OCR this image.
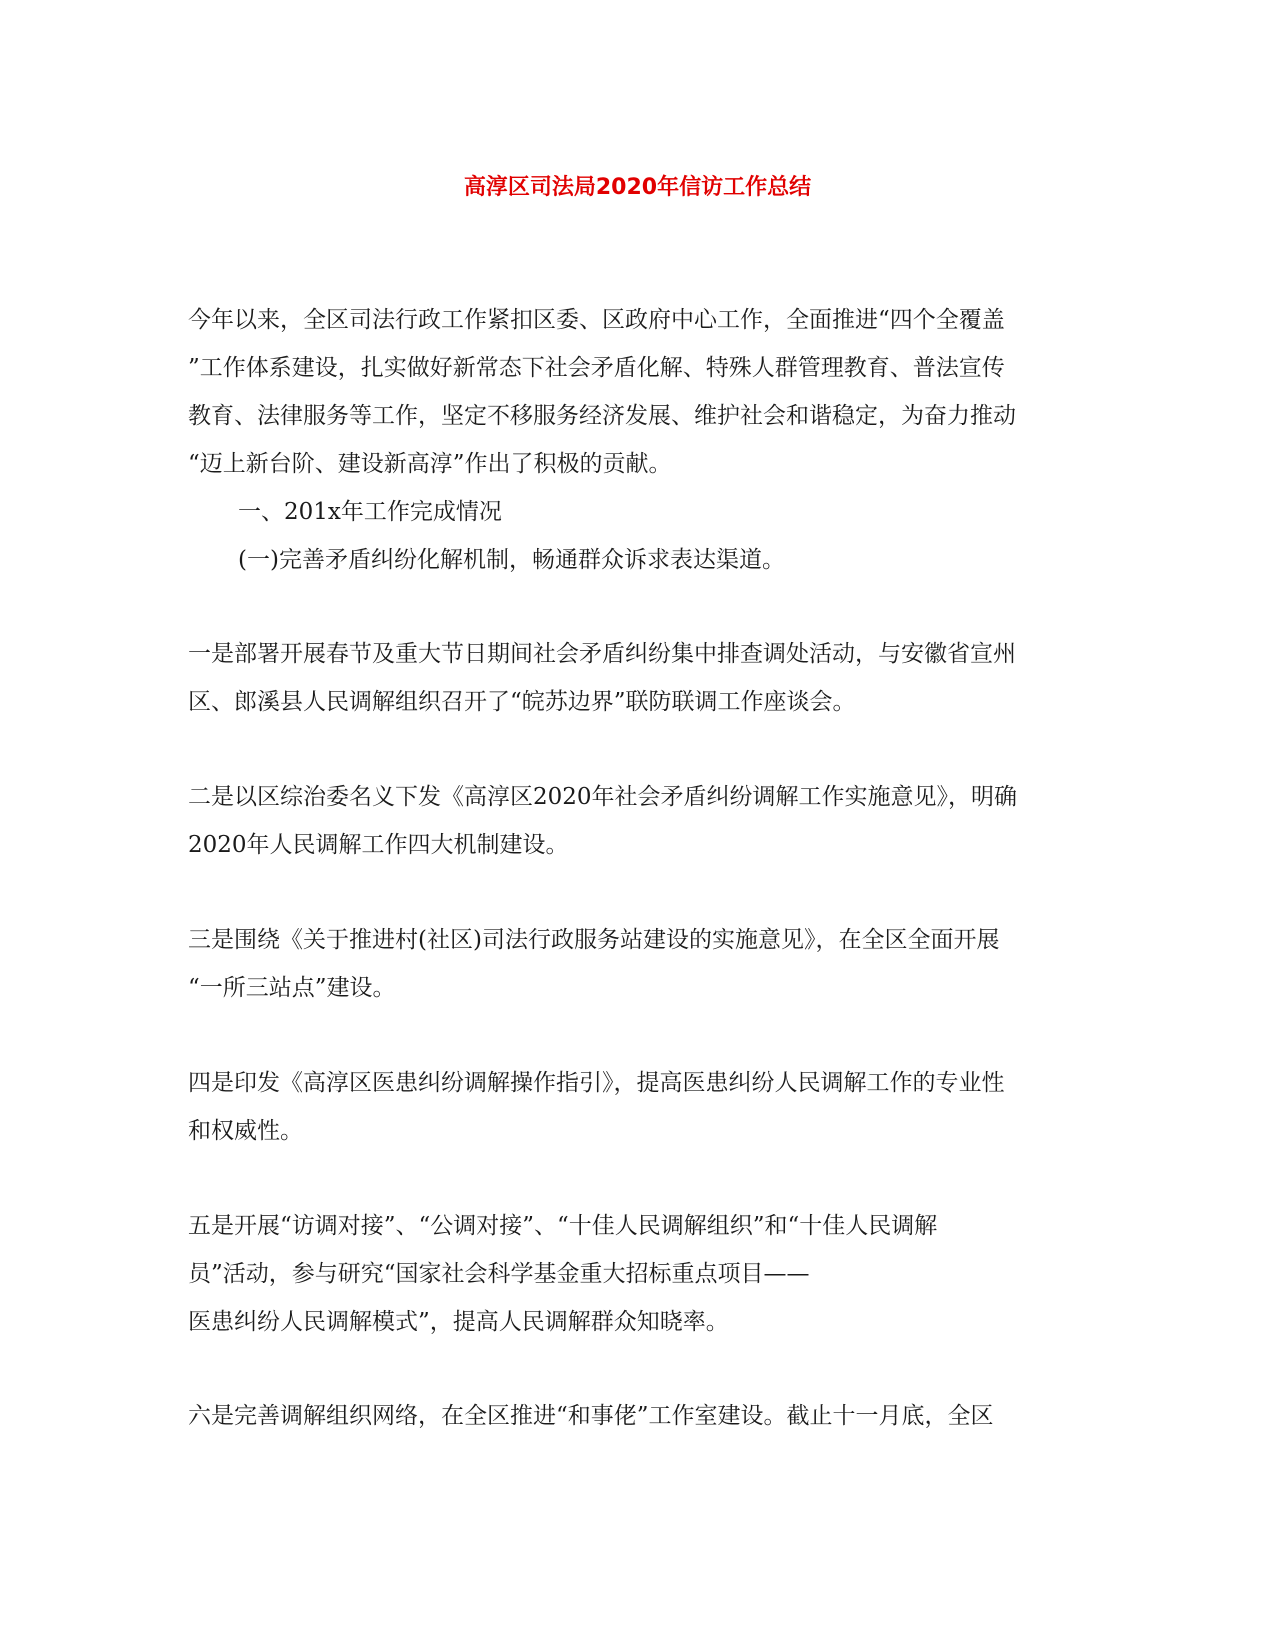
高淳区司法局2020年信访工作总结

今年以来，全区司法行政工作紧扣区委、区政府中心工作，全面推进“四个全覆盖
”工作体系建设，扎实做好新常态下社会矛盾化解、特殊人群管理教育、普法宣传
教育、法律服务等工作，坚定不移服务经济发展、维护社会和谐稳定，为奋力推动
“迈上新台阶、建设新高淳”作出了积极的贡献。

一、201x年工作完成情况

(一)完善矛盾纠纷化解机制，畅通群众诉求表达渠道。

一是部署开展春节及重大节日期间社会矛盾纠纷集中排查调处活动，与安徽省宣州
区、郎溪县人民调解组织召开了“皖苏边界”联防联调工作座谈会。

二是以区综治委名义下发《高淳区2020年社会矛盾纠纷调解工作实施意见》，明确
2020年人民调解工作四大机制建设。

三是围绕《关于推进村(社区)司法行政服务站建设的实施意见》，在全区全面开展
“一所三站点”建设。

四是印发《高淳区医患纠纷调解操作指引》，提高医患纠纷人民调解工作的专业性
和权威性。

五是开展“访调对接”、“公调对接”、“十佳人民调解组织”和“十佳人民调解
员”活动，参与研究“国家社会科学基金重大招标重点项目——
医患纠纷人民调解模式”，提高人民调解群众知晓率。

六是完善调解组织网络，在全区推进“和事佬”工作室建设。截止十一月底，全区
